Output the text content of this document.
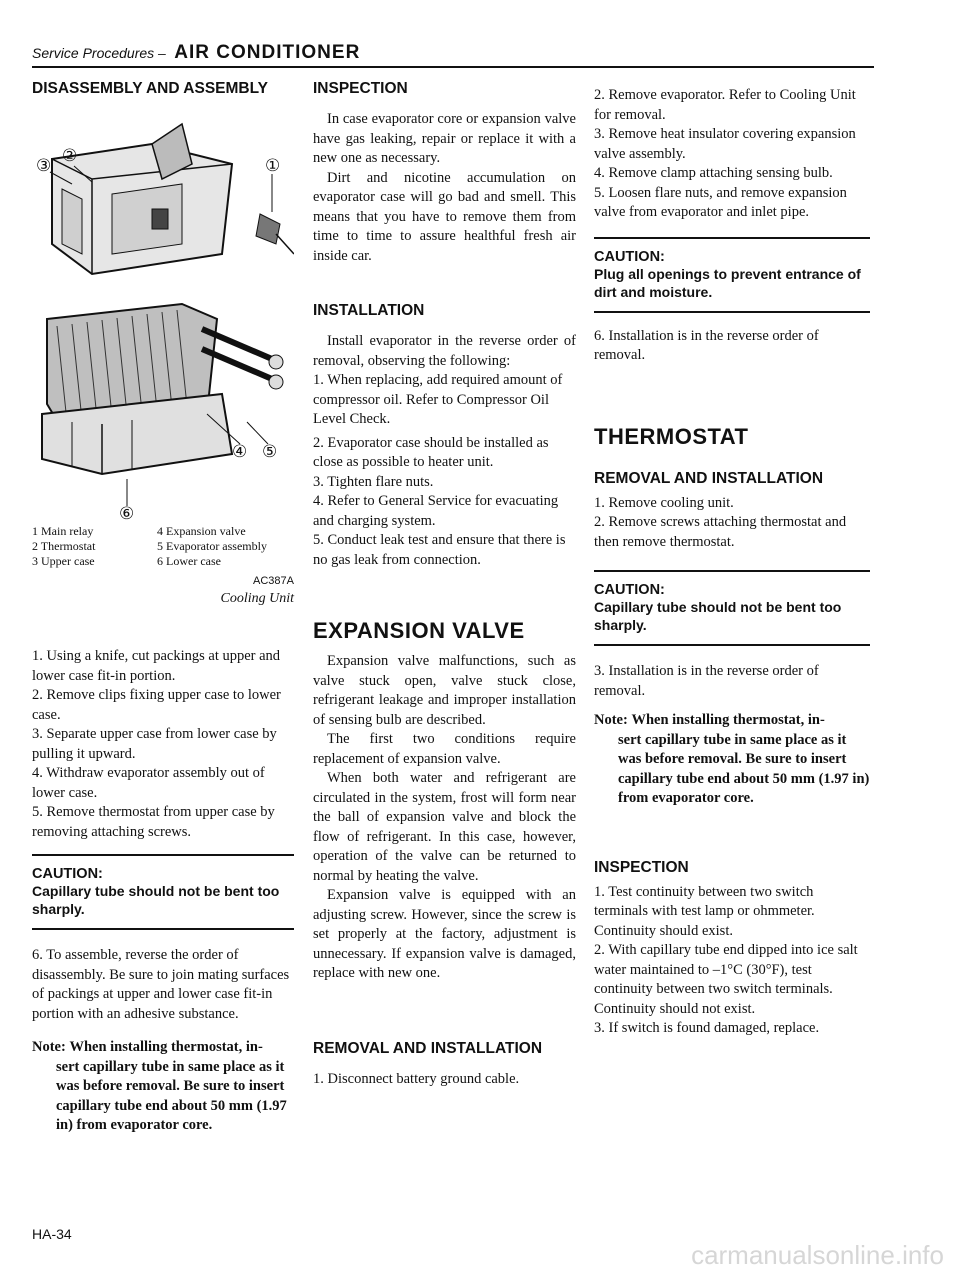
Service Procedures – AIR CONDITIONER
DISASSEMBLY AND ASSEMBLY
①
②
③
④ ⑤
⑥
1 Main relay
2 Thermostat
3 Upper case
4 Expansion valve
5 Evaporator assembly
6 Lower case
AC387A
Cooling Unit

1. Using a knife, cut packings at upper and lower case fit-in portion.

2. Remove clips fixing upper case to lower case.

3. Separate upper case from lower case by pulling it upward.

4. Withdraw evaporator assembly out of lower case.

5. Remove thermostat from upper case by removing attaching screws.

CAUTION:
Capillary tube should not be bent too sharply.

6. To assemble, reverse the order of disassembly. Be sure to join mating surfaces of packings at upper and lower case fit-in portion with an adhesive substance.

Note: When installing thermostat, in-
sert capillary tube in same place as it was before removal. Be sure to insert capillary tube end about 50 mm (1.97 in) from evaporator core.
INSPECTION

In case evaporator core or expansion valve have gas leaking, repair or replace it with a new one as necessary.

Dirt and nicotine accumulation on evaporator case will go bad and smell. This means that you have to remove them from time to time to assure healthful fresh air inside car.

INSTALLATION

Install evaporator in the reverse order of removal, observing the following:

1. When replacing, add required amount of compressor oil. Refer to Compressor Oil Level Check.

2. Evaporator case should be installed as close as possible to heater unit.

3. Tighten flare nuts.

4. Refer to General Service for evacuating and charging system.

5. Conduct leak test and ensure that there is no gas leak from connection.

EXPANSION VALVE

Expansion valve malfunctions, such as valve stuck open, valve stuck close, refrigerant leakage and improper installation of sensing bulb are described.

The first two conditions require replacement of expansion valve.

When both water and refrigerant are circulated in the system, frost will form near the ball of expansion valve and block the flow of refrigerant. In this case, however, operation of the valve can be returned to normal by heating the valve.

Expansion valve is equipped with an adjusting screw. However, since the screw is set properly at the factory, adjustment is unnecessary. If expansion valve is damaged, replace with new one.

REMOVAL AND INSTALLATION

1. Disconnect battery ground cable.

2. Remove evaporator. Refer to Cooling Unit for removal.

3. Remove heat insulator covering expansion valve assembly.

4. Remove clamp attaching sensing bulb.

5. Loosen flare nuts, and remove expansion valve from evaporator and inlet pipe.

CAUTION:
Plug all openings to prevent entrance of dirt and moisture.

6. Installation is in the reverse order of removal.

THERMOSTAT
REMOVAL AND INSTALLATION

1. Remove cooling unit.

2. Remove screws attaching thermostat and then remove thermostat.

CAUTION:
Capillary tube should not be bent too sharply.

3. Installation is in the reverse order of removal.

Note: When installing thermostat, in-
sert capillary tube in same place as it was before removal. Be sure to insert capillary tube end about 50 mm (1.97 in) from evaporator core.
INSPECTION

1. Test continuity between two switch terminals with test lamp or ohmmeter. Continuity should exist.

2. With capillary tube end dipped into ice salt water maintained to –1°C (30°F), test continuity between two switch terminals. Continuity should not exist.

3. If switch is found damaged, replace.

HA-34
carmanualsonline.info
